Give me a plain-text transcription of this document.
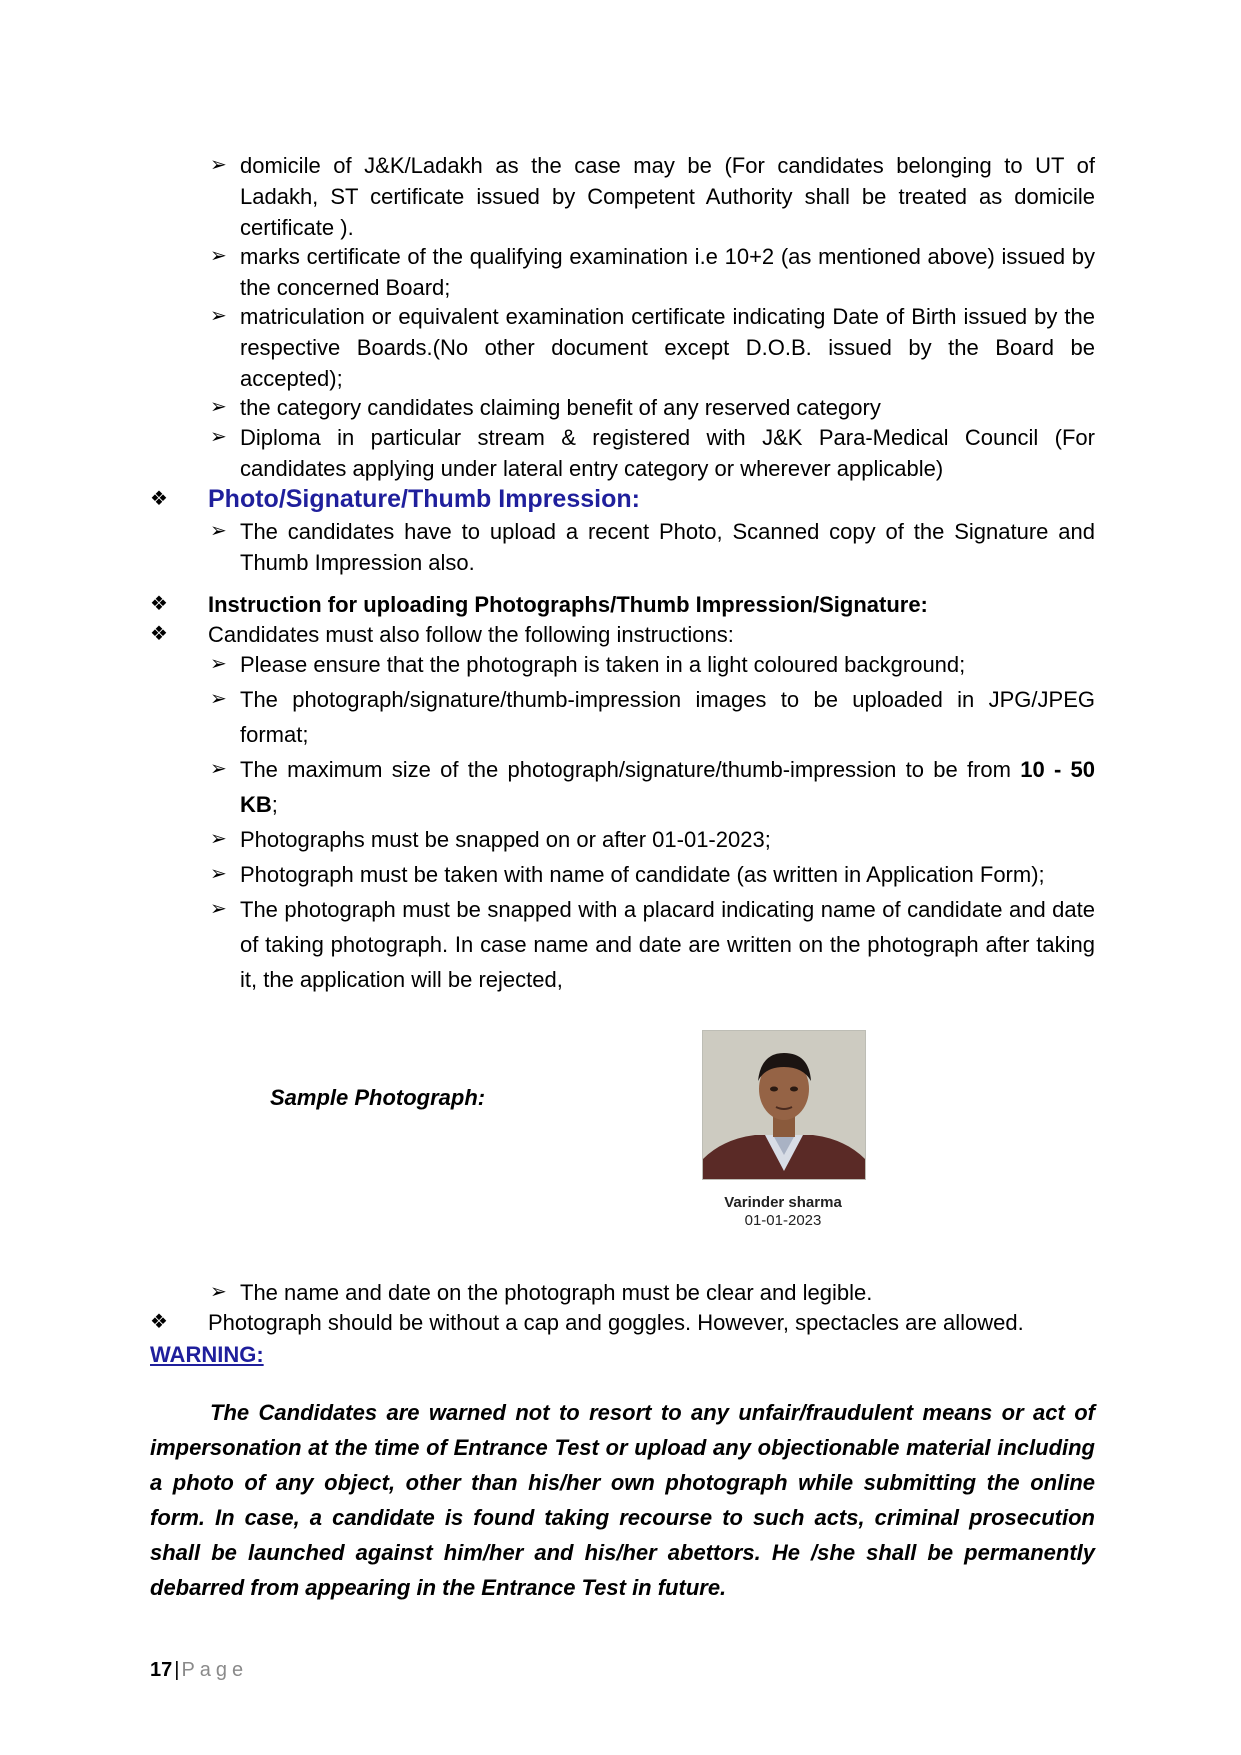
➢ domicile of J&K/Ladakh as the case may be (For candidates belonging to UT of Ladakh, ST certificate issued by Competent Authority shall be treated as domicile certificate ).
➢ marks certificate of the qualifying examination i.e 10+2 (as mentioned above) issued by the concerned Board;
➢ matriculation or equivalent examination certificate indicating Date of Birth issued by the respective Boards.(No other document except D.O.B. issued by the Board be accepted);
➢ the category candidates claiming benefit of any reserved category
➢ Diploma in particular stream & registered with J&K Para-Medical Council (For candidates applying under lateral entry category or wherever applicable)
❖ Photo/Signature/Thumb Impression:
➢ The candidates have to upload a recent Photo, Scanned copy of the Signature and Thumb Impression also.
❖ Instruction for uploading Photographs/Thumb Impression/Signature:
❖ Candidates must also follow the following instructions:
➢ Please ensure that the photograph is taken in a light coloured background;
➢ The photograph/signature/thumb-impression images to be uploaded in JPG/JPEG format;
➢ The maximum size of the photograph/signature/thumb-impression to be from 10 - 50 KB;
➢ Photographs must be snapped on or after 01-01-2023;
➢ Photograph must be taken with name of candidate (as written in Application Form);
➢ The photograph must be snapped with a placard indicating name of candidate and date of taking photograph. In case name and date are written on the photograph after taking it, the application will be rejected,
Sample Photograph:
Varinder sharma
01-01-2023
➢ The name and date on the photograph must be clear and legible.
❖ Photograph should be without a cap and goggles. However, spectacles are allowed.
WARNING:
The Candidates are warned not to resort to any unfair/fraudulent means or act of impersonation at the time of Entrance Test or upload any objectionable material including a photo of any object, other than his/her own photograph while submitting the online form. In case, a candidate is found taking recourse to such acts, criminal prosecution shall be launched against him/her and his/her abettors. He /she shall be permanently debarred from appearing in the Entrance Test in future.
17 | Page
